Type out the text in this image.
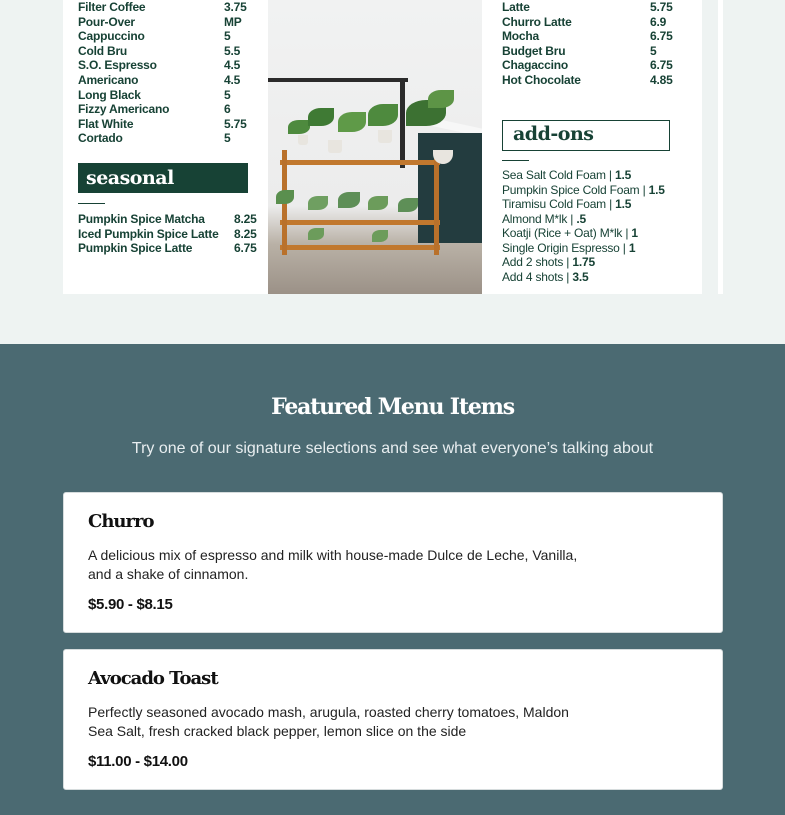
Filter Coffee	3.75
Pour-Over	MP
Cappuccino	5
Cold Bru	5.5
S.O. Espresso	4.5
Americano	4.5
Long Black	5
Fizzy Americano	6
Flat White	5.75
Cortado	5
seasonal
Pumpkin Spice Matcha 8.25
Iced Pumpkin Spice Latte 8.25
Pumpkin Spice Latte	6.75
Latte	5.75
Churro Latte	6.9
Mocha	6.75
Budget Bru	5
Chagaccino	6.75
Hot Chocolate	4.85
add-ons
Sea Salt Cold Foam | 1.5
Pumpkin Spice Cold Foam | 1.5
Tiramisu Cold Foam | 1.5
Almond M*lk | .5
Koatji (Rice + Oat) M*lk | 1
Single Origin Espresso | 1
Add 2 shots | 1.75
Add 4 shots | 3.5
Featured Menu Items

Try one of our signature selections and see what everyone’s talking about

Churro
A delicious mix of espresso and milk with house-made Dulce de Leche, Vanilla, and a shake of cinnamon.
$5.90 - $8.15
Avocado Toast
Perfectly seasoned avocado mash, arugula, roasted cherry tomatoes, Maldon Sea Salt, fresh cracked black pepper, lemon slice on the side
$11.00 - $14.00
